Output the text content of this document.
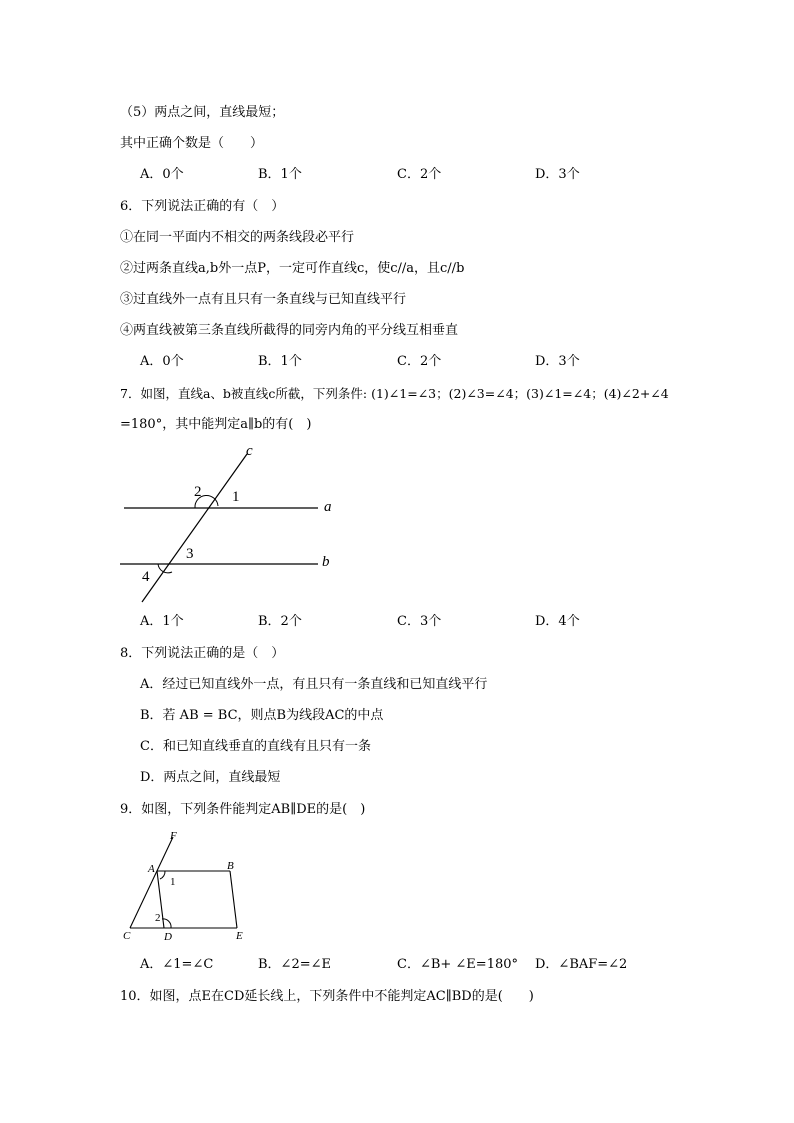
（5）两点之间，直线最短；
其中正确个数是（　　）
A．0个	B．1个	C．2个	D．3个
6．下列说法正确的有（　）
①在同一平面内不相交的两条线段必平行
②过两条直线a,b外一点P，一定可作直线c，使c//a，且c//b
③过直线外一点有且只有一条直线与已知直线平行
④两直线被第三条直线所截得的同旁内角的平分线互相垂直
A．0个	B．1个	C．2个	D．3个
7．如图，直线a、b被直线c所截，下列条件: (1)∠1=∠3；(2)∠3=∠4；(3)∠1=∠4；(4)∠2+∠4
=180°，其中能判定a∥b的有(　)
c
2 1
a
3	b
4
A．1个	B．2个	C．3个	D．4个
8．下列说法正确的是（　）
A．经过已知直线外一点，有且只有一条直线和已知直线平行
B．若 AB = BC，则点B为线段AC的中点
C．和已知直线垂直的直线有且只有一条
D．两点之间，直线最短
9．如图，下列条件能判定AB∥DE的是(　)
F
A	B
1
2
C	D	E
A．∠1=∠C	B．∠2=∠E	C．∠B+ ∠E=180° D．∠BAF=∠2
10．如图，点E在CD延长线上，下列条件中不能判定AC∥BD的是(　　)
